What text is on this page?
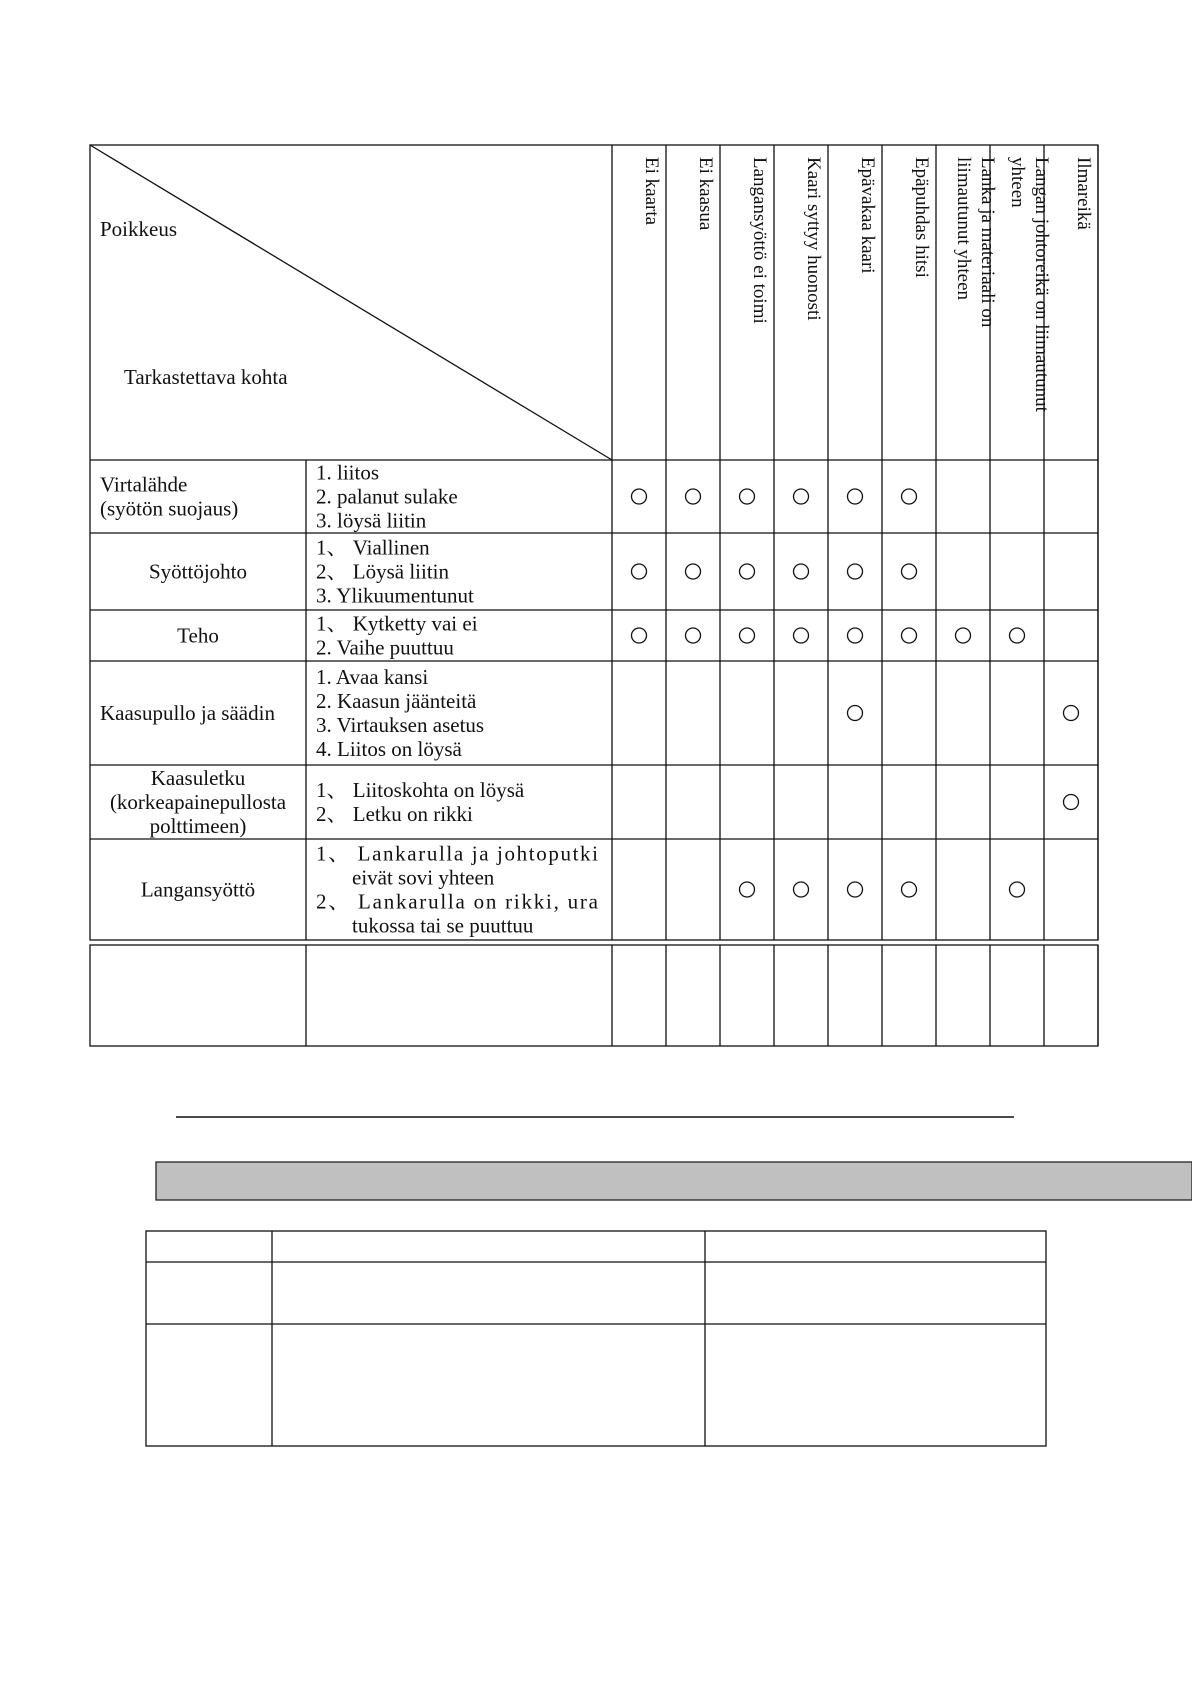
Ei kaarta Ei kaasua Langansyöttö ei toimi Kaari syttyy huonosti Epävakaa kaari Epäpuhdas hitsi Lanka ja materiaali on
liimautunut yhteen	Langan johtoreikä on liimautunut
yhteen Ilmareikä
Virtalähde
(syötön suojaus)
1. liitos
2. palanut sulake
3. löysä liitin
Syöttöjohto
1、 Viallinen
2、 Löysä liitin
3. Ylikuumentunut
Teho	1、 Kytketty vai ei
2. Vaihe puuttuu
Kaasupullo ja säädin
1. Avaa kansi
2. Kaasun jäänteitä
3. Virtauksen asetus
4. Liitos on löysä
Kaasuletku
(korkeapainepullosta
polttimeen)
1、 Liitoskohta on löysä
2、 Letku on rikki
Langansyöttö
1、 Lankarulla ja johtoputki
eivät sovi yhteen
2、 Lankarulla on rikki, ura
tukossa tai se puuttuu
Poikkeus
Tarkastettava kohta
